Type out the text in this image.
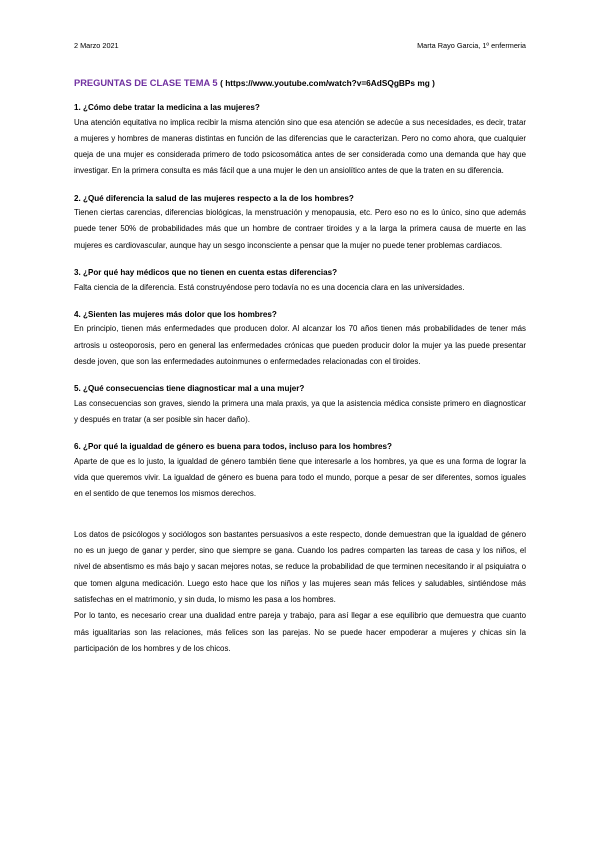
2 Marzo 2021	Marta Rayo Garcia, 1º enfermeria

PREGUNTAS DE CLASE TEMA 5 ( https://www.youtube.com/watch?v=6AdSQgBPs mg )

1. ¿Cómo debe tratar la medicina a las mujeres?

Una atención equitativa no implica recibir la misma atención sino que esa atención se adecúe a sus necesidades, es decir, tratar a mujeres y hombres de maneras distintas en función de las diferencias que le caracterizan. Pero no como ahora, que cualquier queja de una mujer es considerada primero de todo psicosomática antes de ser considerada como una demanda que hay que investigar. En la primera consulta es más fácil que a una mujer le den un ansiolítico antes de que la traten en su diferencia.

2. ¿Qué diferencia la salud de las mujeres respecto a la de los hombres?

Tienen ciertas carencias, diferencias biológicas, la menstruación y menopausia, etc. Pero eso no es lo único, sino que además puede tener 50% de probabilidades más que un hombre de contraer tiroides y a la larga la primera causa de muerte en las mujeres es cardiovascular, aunque hay un sesgo inconsciente a pensar que la mujer no puede tener problemas cardiacos.

3. ¿Por qué hay médicos que no tienen en cuenta estas diferencias?

Falta ciencia de la diferencia. Está construyéndose pero todavía no es una docencia clara en las universidades.

4. ¿Sienten las mujeres más dolor que los hombres?

En principio, tienen más enfermedades que producen dolor. Al alcanzar los 70 años tienen más probabilidades de tener más artrosis u osteoporosis, pero en general las enfermedades crónicas que pueden producir dolor la mujer ya las puede presentar desde joven, que son las enfermedades autoinmunes o enfermedades relacionadas con el tiroides.

5. ¿Qué consecuencias tiene diagnosticar mal a una mujer?

Las consecuencias son graves, siendo la primera una mala praxis, ya que la asistencia médica consiste primero en diagnosticar y después en tratar (a ser posible sin hacer daño).

6. ¿Por qué la igualdad de género es buena para todos, incluso para los hombres?

Aparte de que es lo justo, la igualdad de género también tiene que interesarle a los hombres, ya que es una forma de lograr la vida que queremos vivir. La igualdad de género es buena para todo el mundo, porque a pesar de ser diferentes, somos iguales en el sentido de que tenemos los mismos derechos.

Los datos de psicólogos y sociólogos son bastantes persuasivos a este respecto, donde demuestran que la igualdad de género no es un juego de ganar y perder, sino que siempre se gana. Cuando los padres comparten las tareas de casa y los niños, el nivel de absentismo es más bajo y sacan mejores notas, se reduce la probabilidad de que terminen necesitando ir al psiquiatra o que tomen alguna medicación. Luego esto hace que los niños y las mujeres sean más felices y saludables, sintiéndose más satisfechas en el matrimonio, y sin duda, lo mismo les pasa a los hombres.

Por lo tanto, es necesario crear una dualidad entre pareja y trabajo, para así llegar a ese equilibrio que demuestra que cuanto más igualitarias son las relaciones, más felices son las parejas. No se puede hacer empoderar a mujeres y chicas sin la participación de los hombres y de los chicos.
